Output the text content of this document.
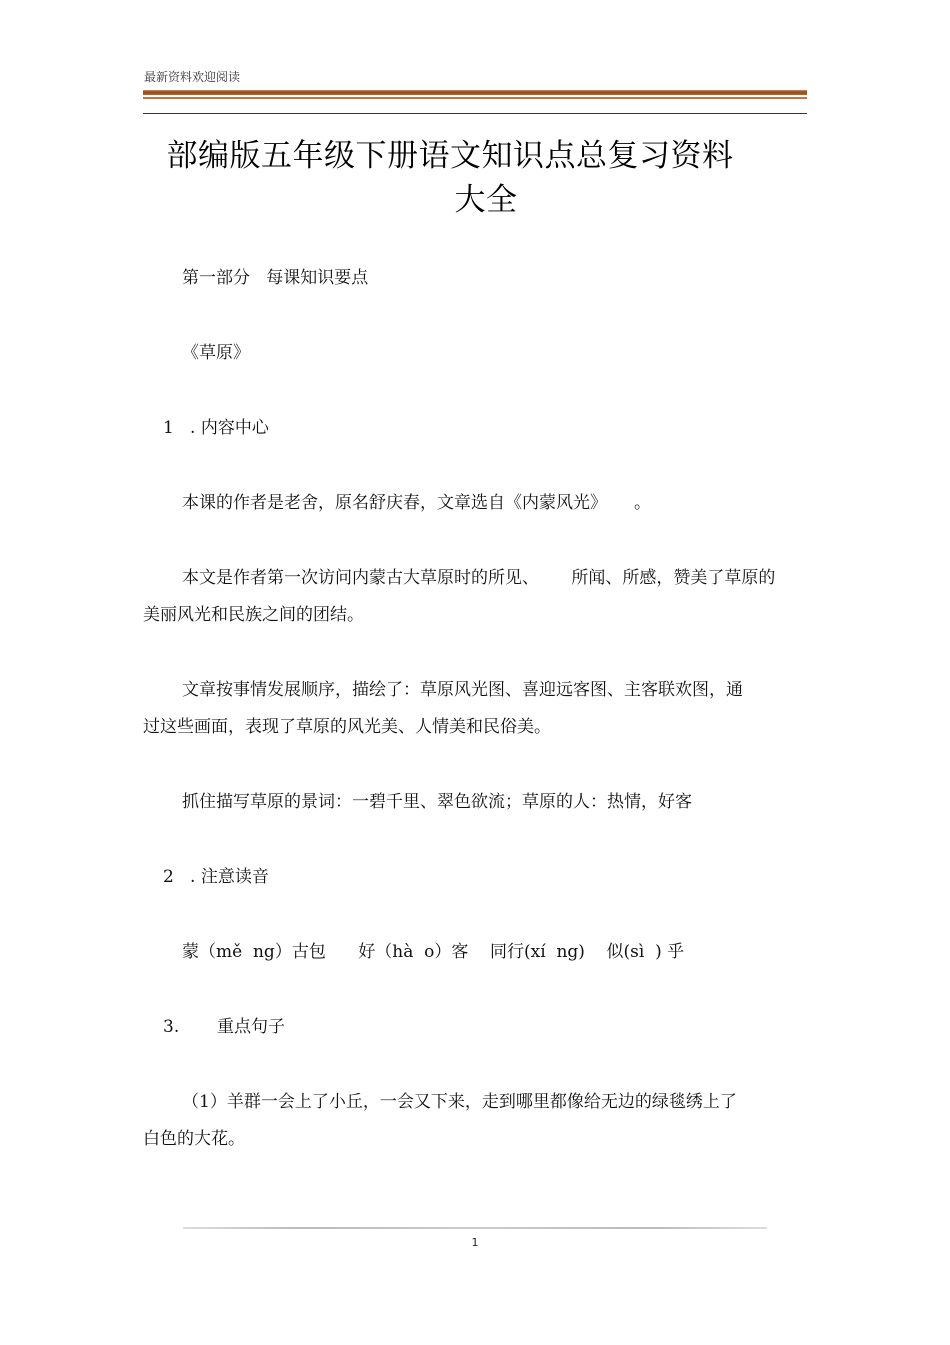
最新资料欢迎阅读
部编版五年级下册语文知识点总复习资料
大全
第一部分   每课知识要点
《草原》
1   . 内容中心
本课的作者是老舍，原名舒庆春，文章选自《内蒙风光》     。
本文是作者第一次访问内蒙古大草原时的所见、      所闻、所感，赞美了草原的
美丽风光和民族之间的团结。
文章按事情发展顺序，描绘了：草原风光图、喜迎远客图、主客联欢图，通
过这些画面，表现了草原的风光美、人情美和民俗美。
抓住描写草原的景词：一碧千里、翠色欲流；草原的人：热情，好客
2   . 注意读音
蒙（mě  ng）古包      好（hà  o）客    同行(xí  ng)    似(sì  ) 乎
3.       重点句子
（1）羊群一会上了小丘，一会又下来，走到哪里都像给无边的绿毯绣上了
白色的大花。
1
